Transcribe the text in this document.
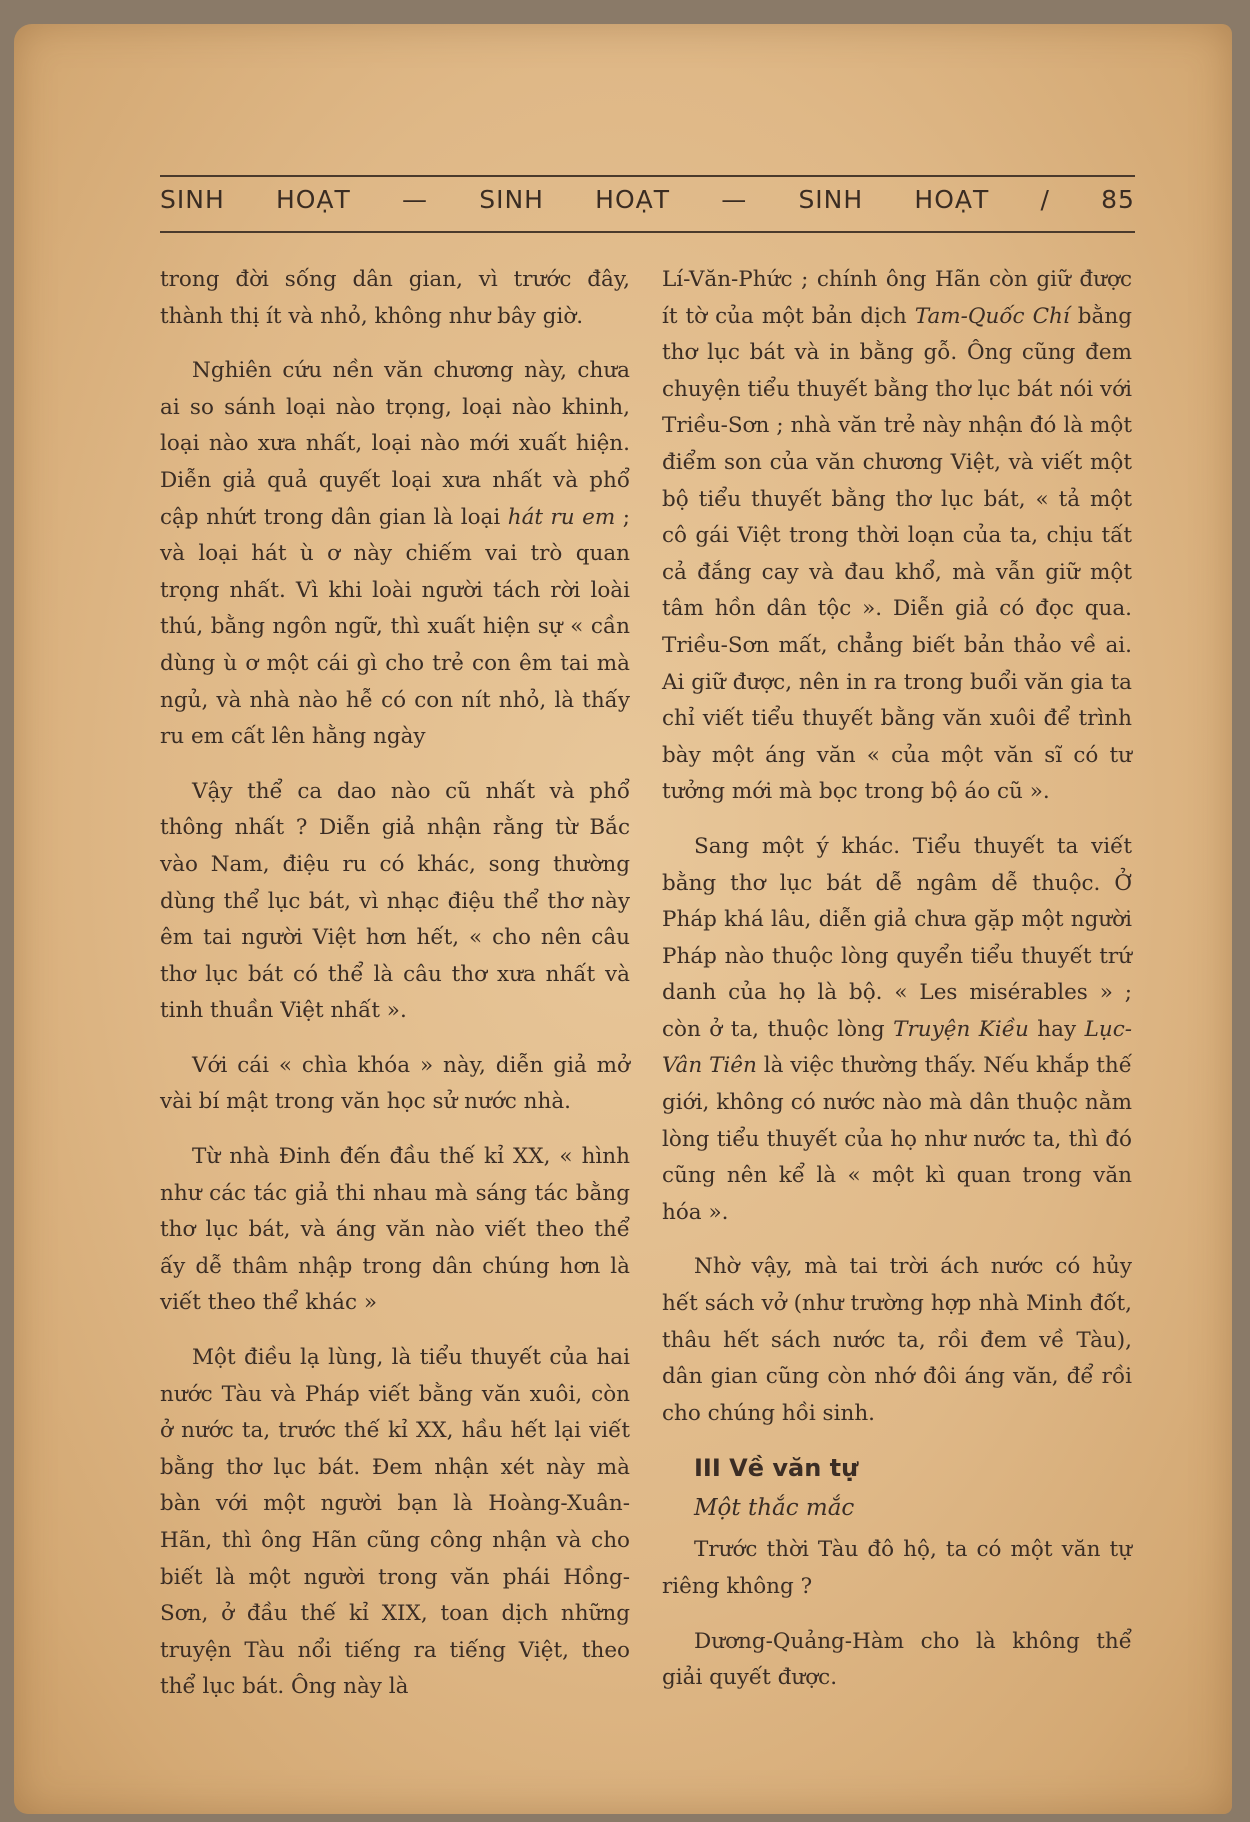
SINH HOẠT — SINH HOẠT — SINH HOẠT / 85

trong đời sống dân gian, vì trước đây, thành thị ít và nhỏ, không như bây giờ.

Nghiên cứu nền văn chương này, chưa ai so sánh loại nào trọng, loại nào khinh, loại nào xưa nhất, loại nào mới xuất hiện. Diễn giả quả quyết loại xưa nhất và phổ cập nhứt trong dân gian là loại hát ru em ; và loại hát ù ơ này chiếm vai trò quan trọng nhất. Vì khi loài người tách rời loài thú, bằng ngôn ngữ, thì xuất hiện sự « cần dùng ù ơ một cái gì cho trẻ con êm tai mà ngủ, và nhà nào hễ có con nít nhỏ, là thấy ru em cất lên hằng ngày

Vậy thể ca dao nào cũ nhất và phổ thông nhất ? Diễn giả nhận rằng từ Bắc vào Nam, điệu ru có khác, song thường dùng thể lục bát, vì nhạc điệu thể thơ này êm tai người Việt hơn hết, « cho nên câu thơ lục bát có thể là câu thơ xưa nhất và tinh thuần Việt nhất ».

Với cái « chìa khóa » này, diễn giả mở vài bí mật trong văn học sử nước nhà.

Từ nhà Đinh đến đầu thế kỉ XX, « hình như các tác giả thi nhau mà sáng tác bằng thơ lục bát, và áng văn nào viết theo thể ấy dễ thâm nhập trong dân chúng hơn là viết theo thể khác »

Một điều lạ lùng, là tiểu thuyết của hai nước Tàu và Pháp viết bằng văn xuôi, còn ở nước ta, trước thế kỉ XX, hầu hết lại viết bằng thơ lục bát. Đem nhận xét này mà bàn với một người bạn là Hoàng-Xuân-Hãn, thì ông Hãn cũng công nhận và cho biết là một người trong văn phái Hồng-Sơn, ở đầu thế kỉ XIX, toan dịch những truyện Tàu nổi tiếng ra tiếng Việt, theo thể lục bát. Ông này là

Lí-Văn-Phức ; chính ông Hãn còn giữ được ít tờ của một bản dịch Tam-Quốc Chí bằng thơ lục bát và in bằng gỗ. Ông cũng đem chuyện tiểu thuyết bằng thơ lục bát nói với Triều-Sơn ; nhà văn trẻ này nhận đó là một điểm son của văn chương Việt, và viết một bộ tiểu thuyết bằng thơ lục bát, « tả một cô gái Việt trong thời loạn của ta, chịu tất cả đắng cay và đau khổ, mà vẫn giữ một tâm hồn dân tộc ». Diễn giả có đọc qua. Triều-Sơn mất, chẳng biết bản thảo về ai. Ai giữ được, nên in ra trong buổi văn gia ta chỉ viết tiểu thuyết bằng văn xuôi để trình bày một áng văn « của một văn sĩ có tư tưởng mới mà bọc trong bộ áo cũ ».

Sang một ý khác. Tiểu thuyết ta viết bằng thơ lục bát dễ ngâm dễ thuộc. Ở Pháp khá lâu, diễn giả chưa gặp một người Pháp nào thuộc lòng quyển tiểu thuyết trứ danh của họ là bộ. « Les misérables » ; còn ở ta, thuộc lòng Truyện Kiều hay Lục-Vân Tiên là việc thường thấy. Nếu khắp thế giới, không có nước nào mà dân thuộc nằm lòng tiểu thuyết của họ như nước ta, thì đó cũng nên kể là « một kì quan trong văn hóa ».

Nhờ vậy, mà tai trời ách nước có hủy hết sách vở (như trường hợp nhà Minh đốt, thâu hết sách nước ta, rồi đem về Tàu), dân gian cũng còn nhớ đôi áng văn, để rồi cho chúng hồi sinh.

III Về văn tự
Một thắc mắc

Trước thời Tàu đô hộ, ta có một văn tự riêng không ?

Dương-Quảng-Hàm cho là không thể giải quyết được.
